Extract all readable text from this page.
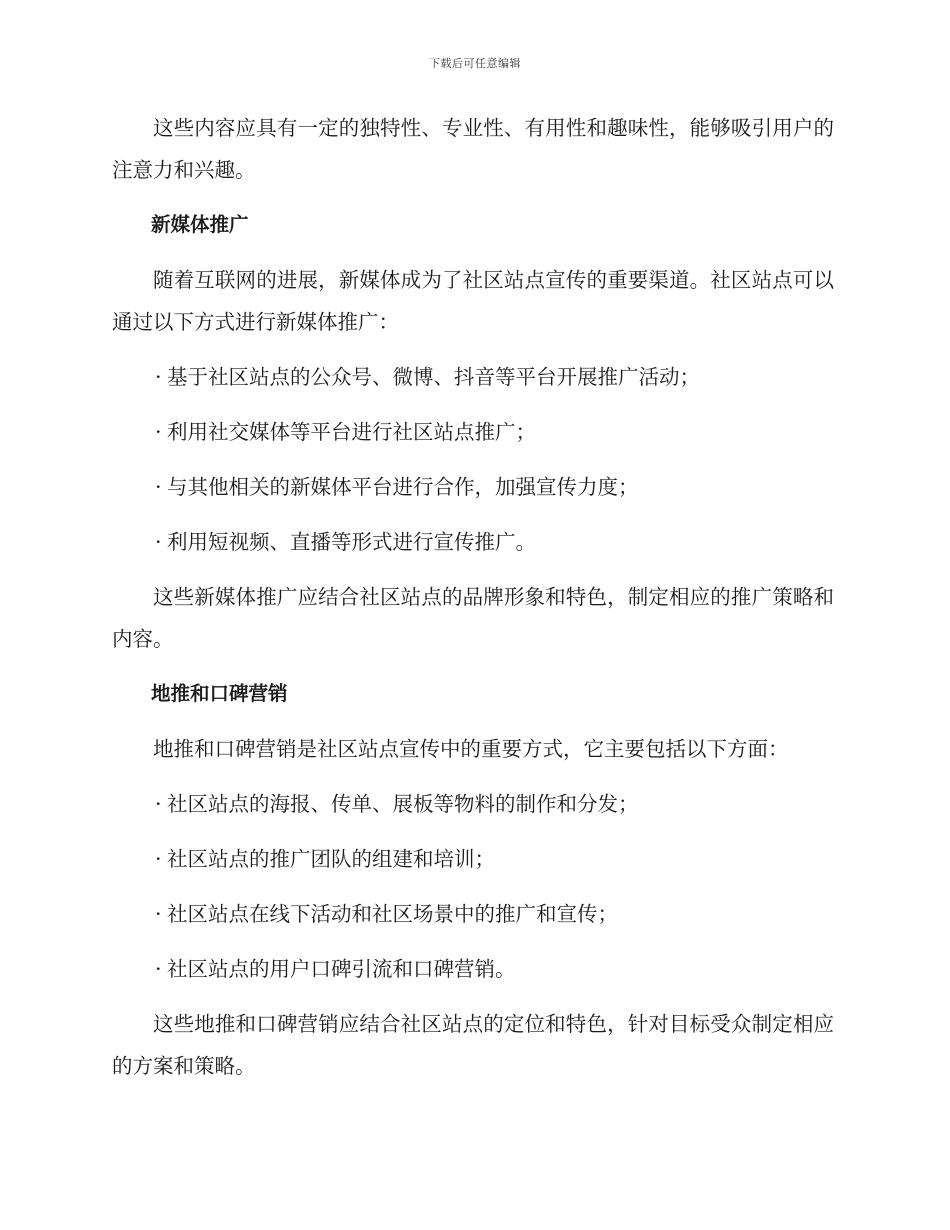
下载后可任意编辑

这些内容应具有一定的独特性、专业性、有用性和趣味性，能够吸引用户的注意力和兴趣。

新媒体推广

随着互联网的进展，新媒体成为了社区站点宣传的重要渠道。社区站点可以通过以下方式进行新媒体推广：

· 基于社区站点的公众号、微博、抖音等平台开展推广活动；

· 利用社交媒体等平台进行社区站点推广；

· 与其他相关的新媒体平台进行合作，加强宣传力度；

· 利用短视频、直播等形式进行宣传推广。

这些新媒体推广应结合社区站点的品牌形象和特色，制定相应的推广策略和内容。

地推和口碑营销

地推和口碑营销是社区站点宣传中的重要方式，它主要包括以下方面：

· 社区站点的海报、传单、展板等物料的制作和分发；

· 社区站点的推广团队的组建和培训；

· 社区站点在线下活动和社区场景中的推广和宣传；

· 社区站点的用户口碑引流和口碑营销。

这些地推和口碑营销应结合社区站点的定位和特色，针对目标受众制定相应的方案和策略。
